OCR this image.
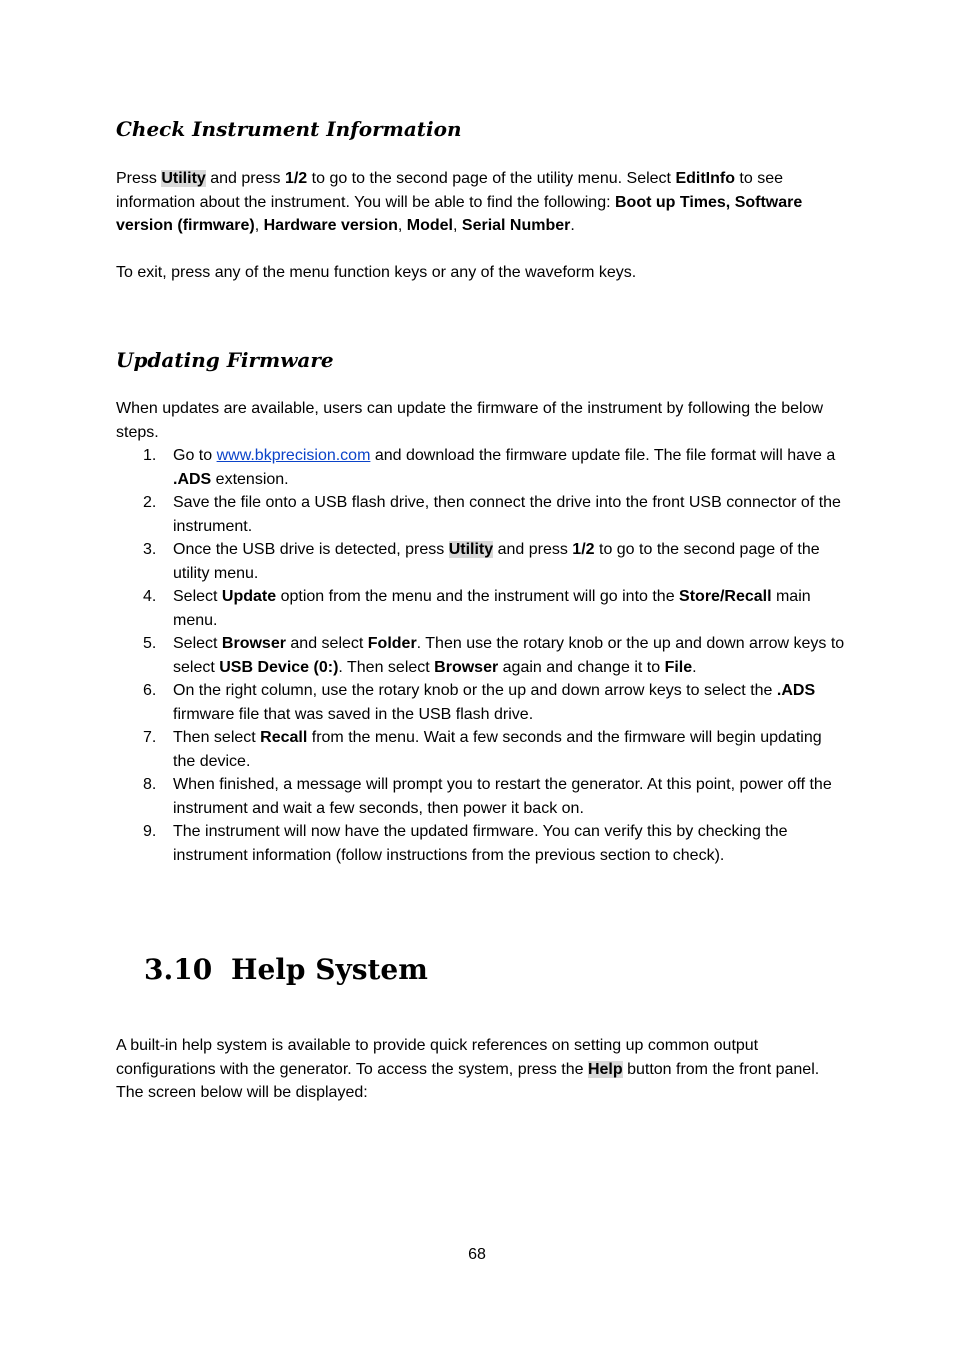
Check Instrument Information

Press Utility and press 1/2 to go to the second page of the utility menu. Select EditInfo to see information about the instrument. You will be able to find the following: Boot up Times, Software version (firmware), Hardware version, Model, Serial Number.

To exit, press any of the menu function keys or any of the waveform keys.

Updating Firmware

When updates are available, users can update the firmware of the instrument by following the below steps.

1. Go to www.bkprecision.com and download the firmware update file. The file format will have a .ADS extension.
2. Save the file onto a USB flash drive, then connect the drive into the front USB connector of the instrument.
3. Once the USB drive is detected, press Utility and press 1/2 to go to the second page of the utility menu.
4. Select Update option from the menu and the instrument will go into the Store/Recall main menu.
5. Select Browser and select Folder. Then use the rotary knob or the up and down arrow keys to select USB Device (0:). Then select Browser again and change it to File.
6. On the right column, use the rotary knob or the up and down arrow keys to select the .ADS firmware file that was saved in the USB flash drive.
7. Then select Recall from the menu. Wait a few seconds and the firmware will begin updating the device.
8. When finished, a message will prompt you to restart the generator. At this point, power off the instrument and wait a few seconds, then power it back on.
9. The instrument will now have the updated firmware. You can verify this by checking the instrument information (follow instructions from the previous section to check).
3.10 Help System

A built-in help system is available to provide quick references on setting up common output configurations with the generator. To access the system, press the Help button from the front panel. The screen below will be displayed:

68
